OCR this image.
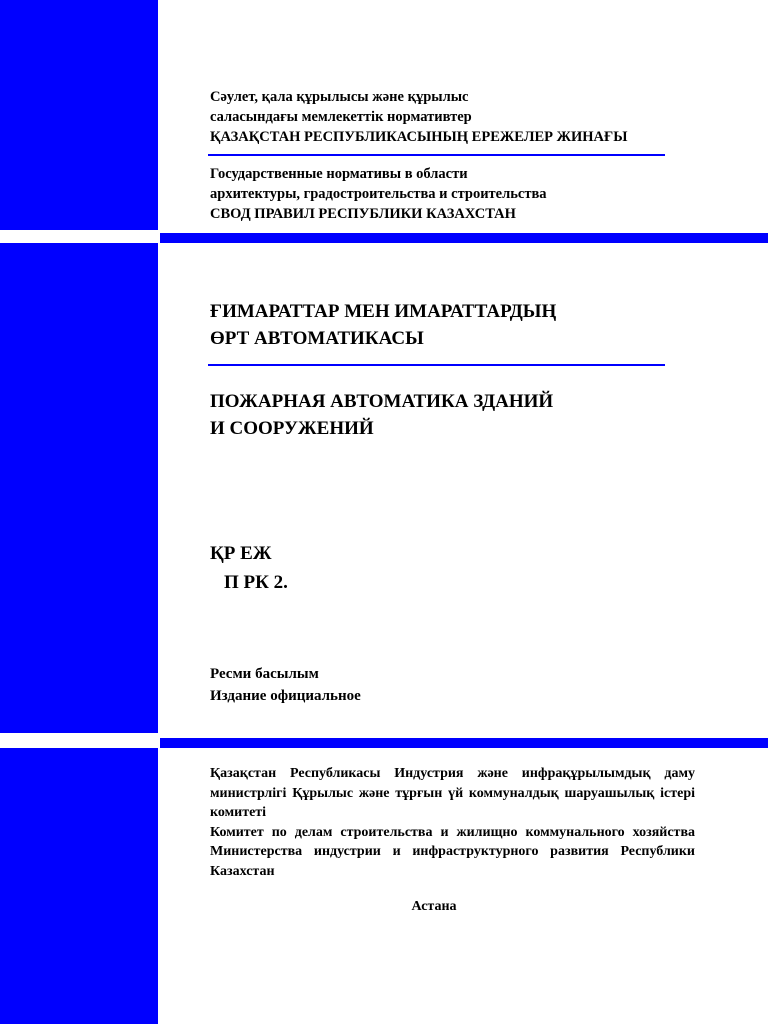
Сәулет, қала құрылысы және құрылыс
саласындағы мемлекеттік нормативтер
ҚАЗАҚСТАН РЕСПУБЛИКАСЫНЫҢ ЕРЕЖЕЛЕР ЖИНАҒЫ
Государственные нормативы в области
архитектуры, градостроительства и строительства
СВОД ПРАВИЛ РЕСПУБЛИКИ КАЗАХСТАН
ҒИМАРАТТАР МЕН ИМАРАТТАРДЫҢ
ӨРТ АВТОМАТИКАСЫ
ПОЖАРНАЯ АВТОМАТИКА ЗДАНИЙ
И СООРУЖЕНИЙ
ҚР ЕЖ
П РК 2.
Ресми басылым
Издание официальное
Қазақстан Республикасы Индустрия және инфрақұрылымдық даму министрлігі Құрылыс және тұрғын үй коммуналдық шаруашылық істері комитеті
Комитет по делам строительства и жилищно коммунального хозяйства Министерства индустрии и инфраструктурного развития Республики Казахстан
Астана
